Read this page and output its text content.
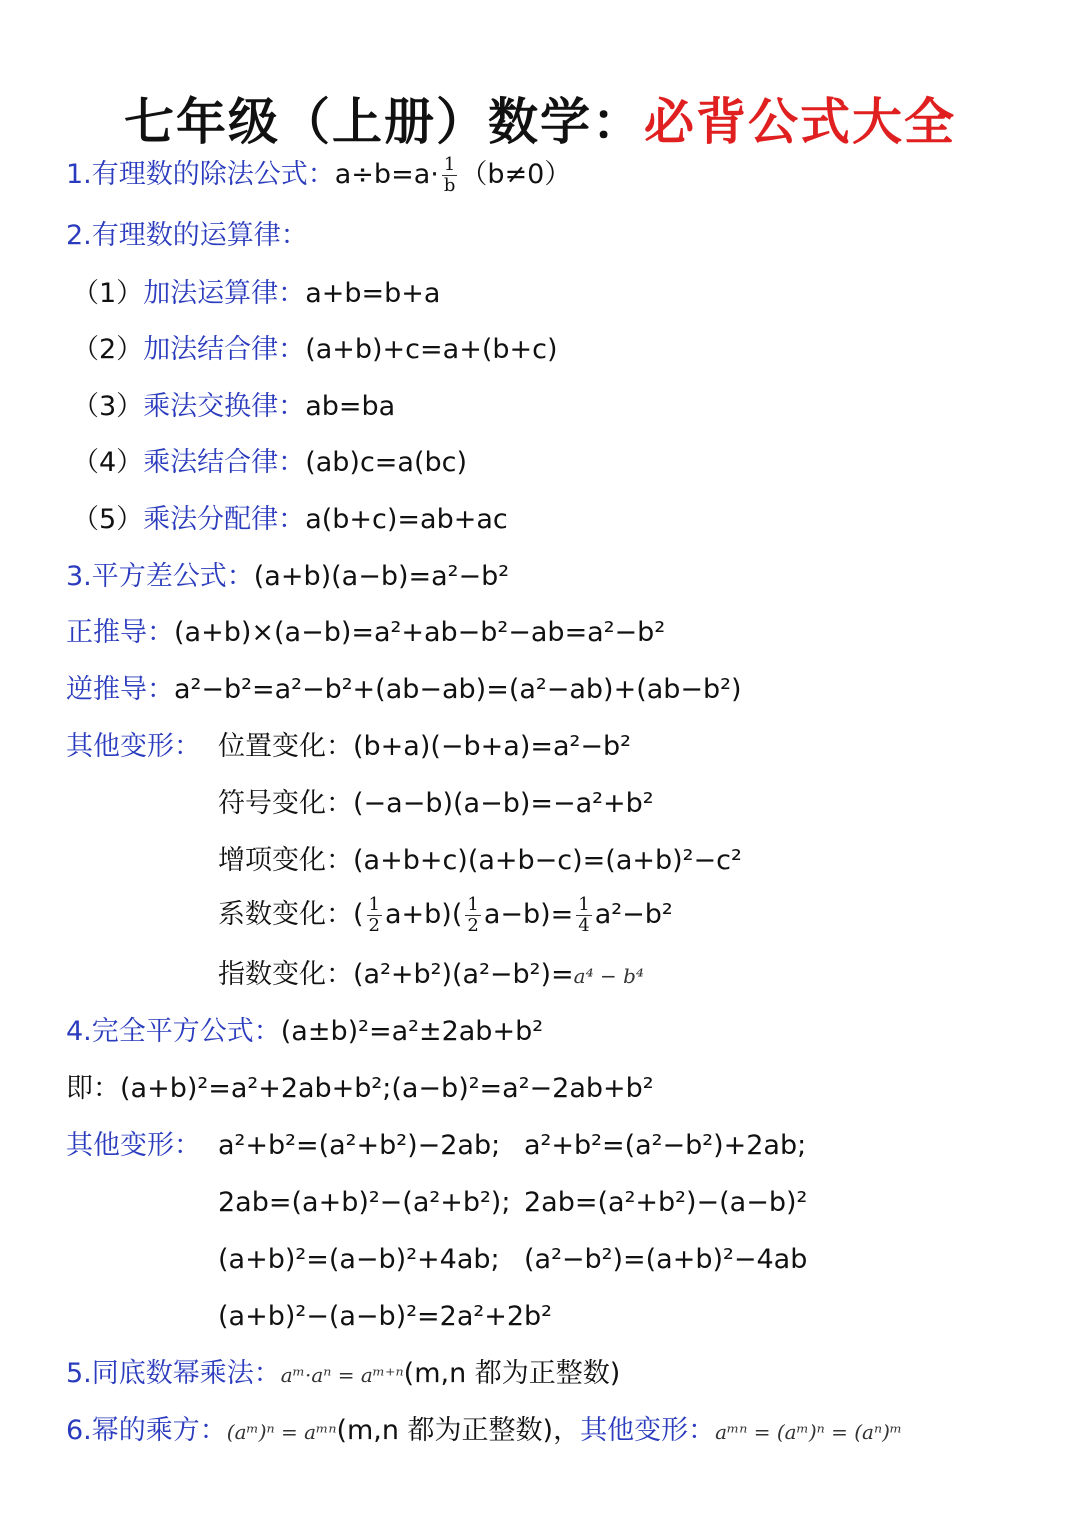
七年级（上册）数学：必背公式大全
1.有理数的除法公式：$a\div b=a\cdot \frac{1}{b} (b\ne 0)$
2.有理数的运算律：
（1）加法运算律：a+b=b+a
（2）加法结合律：(a+b)+c=a+(b+c)
（3）乘法交换律：ab=ba
（4）乘法结合律：(ab)c=a(bc)
（5）乘法分配律：a(b+c)=ab+ac
3.平方差公式：(a+b)(a−b)=a²−b²
正推导：(a+b)×(a−b)=a²+ab−b²−ab=a²−b²
逆推导：a²−b²=a²−b²+(ab−ab)=(a²−ab)+(ab−b²)
其他变形： 位置变化：(b+a)(−b+a)=a²−b²
符号变化：(−a−b)(a−b)=−a²+b²
增项变化：(a+b+c)(a+b−c)=(a+b)²−c²
系数变化：( $\frac{1}{2} a+b)( \frac{1}{2} a-b)= \frac{1}{4} a^2-b^2$
指数变化：(a²+b²)(a²−b²)=a⁴ − b⁴
4.完全平方公式：(a±b)²=a²±2ab+b²
即：(a+b)²=a²+2ab+b²;(a−b)²=a²−2ab+b²
其他变形： a²+b²=(a²+b²)−2ab; a²+b²=(a²−b²)+2ab;
2ab=(a+b)²−(a²+b²); 2ab=(a²+b²)−(a−b)²
(a+b)²=(a−b)²+4ab; (a²−b²)=(a+b)²−4ab
(a+b)²−(a−b)²=2a²+2b²
5.同底数幂乘法：aᵐ·aⁿ = aᵐ⁺ⁿ(m,n 都为正整数)
6.幂的乘方：(aᵐ)ⁿ = aᵐⁿ(m,n 都为正整数)，其他变形：aᵐⁿ = (aᵐ)ⁿ = (aⁿ)ᵐ
